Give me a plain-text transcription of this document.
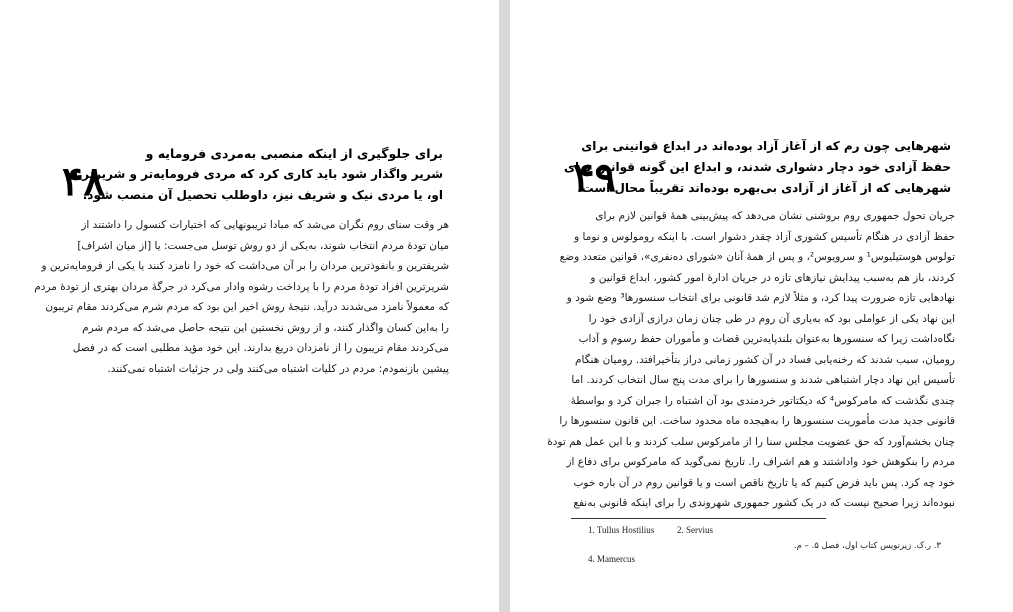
۴۸
برای جلوگیری از اینکه منصبی به‌مردی فرومایه و
شریر واگذار شود باید کاری کرد که مردی فرومایه‌تر و شریرتر از
او، یا مردی نیک و شریف نیز، داوطلب تحصیل آن منصب شود.
هر وقت سنای روم نگران می‌شد که مبادا تریبونهایی که اختیارات کنسول را داشتند از
میان تودهٔ مردم انتخاب شوند، به‌یکی از دو روش توسل می‌جست: یا [از میان اشراف]
شریفترین و بانفوذترین مردان را بر آن می‌داشت که خود را نامزد کنند یا یکی از فرومایه‌ترین و
شریرترین افراد تودهٔ مردم را با پرداخت رشوه وادار می‌کرد در جرگهٔ مردان بهتری از تودهٔ مردم
که معمولاً نامزد می‌شدند درآید. نتیجهٔ روش اخیر این بود که مردم شرم می‌کردند مقام تریبون
را به‌این کسان واگذار کنند، و از روش نخستین این نتیجه حاصل می‌شد که مردم شرم
می‌کردند مقام تریبون را از نامزدان دریغ بدارند. این خود مؤید مطلبی است که در فصل
پیشین بازنمودم: مردم در کلیات اشتباه می‌کنند ولی در جزئیات اشتباه نمی‌کنند.
۴۹
شهرهایی چون رم که از آغاز آزاد بوده‌اند در ابداع قوانینی برای
حفظ آزادی خود دچار دشواری شدند، و ابداع این گونه قوانین برای
شهرهایی که از آغاز از آزادی بی‌بهره بوده‌اند تقریباً محال است.
جریان تحول جمهوری روم بروشنی نشان می‌دهد که پیش‌بینی همهٔ قوانین لازم برای
حفظ آزادی در هنگام تأسیس کشوری آزاد چقدر دشوار است. با اینکه رومولوس و نوما و
تولوس هوستیلیوس¹ و سرویوس²، و پس از همهٔ آنان «شورای ده‌نفری»، قوانین متعدد وضع
کردند، باز هم به‌سبب پیدایش نیازهای تازه در جریان ادارهٔ امور کشور، ابداع قوانین و
نهادهایی تازه ضرورت پیدا کرد، و مثلاً لازم شد قانونی برای انتخاب سنسورها³ وضع شود و
این نهاد یکی از عواملی بود که به‌یاری آن روم در طی چنان زمان درازی آزادی خود را
نگاه‌داشت زیرا که سنسورها به‌عنوان بلندپایه‌ترین قضات و مأموران حفظ رسوم و آداب
رومیان، سبب شدند که رخنه‌یابی فساد در آن کشور زمانی دراز بتأخیرافتد. رومیان هنگام
تأسیس این نهاد دچار اشتباهی شدند و سنسورها را برای مدت پنج سال انتخاب کردند. اما
چندی نگذشت که مامرکوس⁴ که دیکتاتور خردمندی بود آن اشتباه را جبران کرد و بواسطهٔ
قانونی جدید مدت مأموریت سنسورها را به‌هیجده ماه محدود ساخت. این قانون سنسورها را
چنان بخشم‌آورد که حق عضویت مجلس سنا را از مامرکوس سلب کردند و با این عمل هم تودهٔ
مردم را بنکوهش خود واداشتند و هم اشراف را. تاریخ نمی‌گوید که مامرکوس برای دفاع از
خود چه کرد. پس باید فرض کنیم که یا تاریخ ناقص است و یا قوانین روم در آن باره خوب
نبوده‌اند زیرا صحیح نیست که در یک کشور جمهوری شهروندی را برای اینکه قانونی به‌نفع
1. Tullus Hostilius	2. Servius
۳. ر.ک. زیرنویس کتاب اول، فصل ۵. – م.
4. Mamercus
